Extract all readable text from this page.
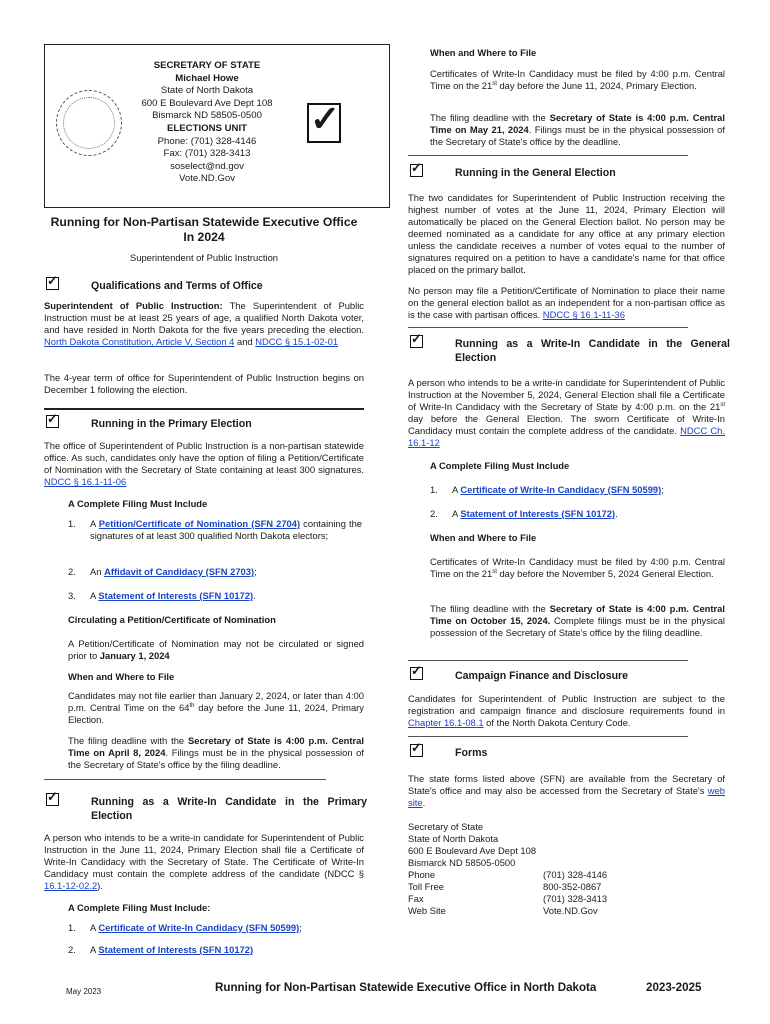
SECRETARY OF STATE
Michael Howe
State of North Dakota
600 E Boulevard Ave Dept 108
Bismarck ND 58505-0500
ELECTIONS UNIT
Phone: (701) 328-4146
Fax: (701) 328-3413
soselect@nd.gov
Vote.ND.Gov
✓
Running for Non-Partisan Statewide Executive Office
In 2024
Superintendent of Public Instruction
✓	Qualifications and Terms of Office

Superintendent of Public Instruction: The Superintendent of Public Instruction must be at least 25 years of age, a qualified North Dakota voter, and have resided in North Dakota for the five years preceding the election. North Dakota Constitution, Article V, Section 4 and NDCC § 15.1-02-01

The 4-year term of office for Superintendent of Public Instruction begins on December 1 following the election.

✓	Running in the Primary Election

The office of Superintendent of Public Instruction is a non-partisan statewide office. As such, candidates only have the option of filing a Petition/Certificate of Nomination with the Secretary of State containing at least 300 signatures. NDCC § 16.1-11-06

A Complete Filing Must Include
1. A Petition/Certificate of Nomination (SFN 2704) containing the signatures of at least 300 qualified North Dakota electors;

2. An Affidavit of Candidacy (SFN 2703);

3. A Statement of Interests (SFN 10172).

Circulating a Petition/Certificate of Nomination

A Petition/Certificate of Nomination may not be circulated or signed prior to January 1, 2024

When and Where to File

Candidates may not file earlier than January 2, 2024, or later than 4:00 p.m. Central Time on the 64th day before the June 11, 2024, Primary Election.

The filing deadline with the Secretary of State is 4:00 p.m. Central Time on April 8, 2024. Filings must be in the physical possession of the Secretary of State's office by the filing deadline.

✓	Running as a Write-In Candidate in the Primary Election

A person who intends to be a write-in candidate for Superintendent of Public Instruction in the June 11, 2024, Primary Election shall file a Certificate of Write-In Candidacy with the Secretary of State. The Certificate of Write-In Candidacy must contain the complete address of the candidate (NDCC § 16.1-12-02.2).

A Complete Filing Must Include:
1. A Certificate of Write-In Candidacy (SFN 50599);

2. A Statement of Interests (SFN 10172)

When and Where to File

Certificates of Write-In Candidacy must be filed by 4:00 p.m. Central Time on the 21st day before the June 11, 2024, Primary Election.

The filing deadline with the Secretary of State is 4:00 p.m. Central Time on May 21, 2024. Filings must be in the physical possession of the Secretary of State's office by the deadline.

✓	Running in the General Election

The two candidates for Superintendent of Public Instruction receiving the highest number of votes at the June 11, 2024, Primary Election will automatically be placed on the General Election ballot. No person may be deemed nominated as a candidate for any office at any primary election unless the candidate receives a number of votes equal to the number of signatures required on a petition to have a candidate's name for that office placed on the primary ballot.

No person may file a Petition/Certificate of Nomination to place their name on the general election ballot as an independent for a non-partisan office as is the case with partisan offices. NDCC § 16.1-11-36

✓	Running as a Write-In Candidate in the General Election

A person who intends to be a write-in candidate for Superintendent of Public Instruction at the November 5, 2024, General Election shall file a Certificate of Write-In Candidacy with the Secretary of State by 4:00 p.m. on the 21st day before the General Election. The sworn Certificate of Write-In Candidacy must contain the complete address of the candidate. NDCC Ch. 16.1-12

A Complete Filing Must Include
1. A Certificate of Write-In Candidacy (SFN 50599);

2. A Statement of Interests (SFN 10172).

When and Where to File

Certificates of Write-In Candidacy must be filed by 4:00 p.m. Central Time on the 21st day before the November 5, 2024 General Election.

The filing deadline with the Secretary of State is 4:00 p.m. Central Time on October 15, 2024. Complete filings must be in the physical possession of the Secretary of State's office by the filing deadline.

✓	Campaign Finance and Disclosure

Candidates for Superintendent of Public Instruction are subject to the registration and campaign finance and disclosure requirements found in Chapter 16.1-08.1 of the North Dakota Century Code.

✓	Forms

The state forms listed above (SFN) are available from the Secretary of State's office and may also be accessed from the Secretary of State's web site.

Secretary of State
State of North Dakota
600 E Boulevard Ave Dept 108
Bismarck ND 58505-0500
Phone	(701) 328-4146
Toll Free	800-352-0867
Fax	(701) 328-3413
Web Site	Vote.ND.Gov
May 2023	Running for Non-Partisan Statewide Executive Office in North Dakota	2023-2025
